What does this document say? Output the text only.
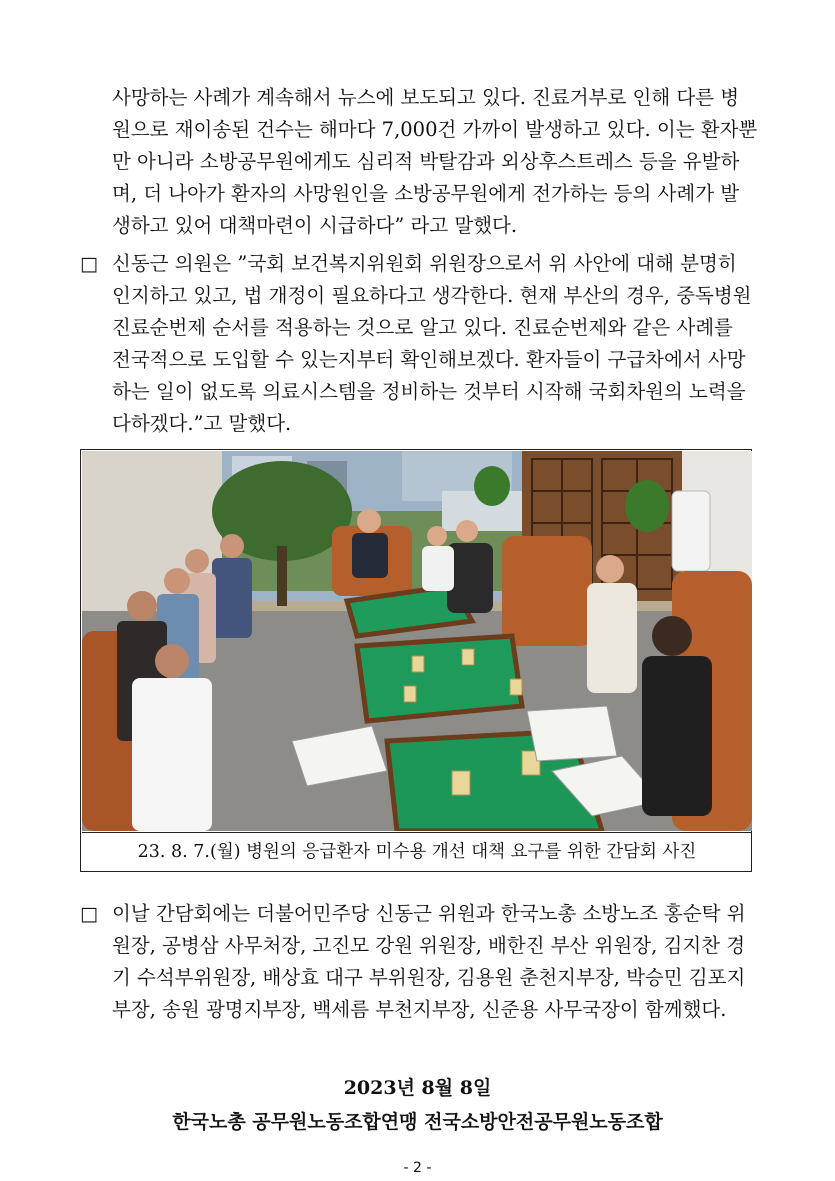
사망하는 사례가 계속해서 뉴스에 보도되고 있다. 진료거부로 인해 다른 병
원으로 재이송된 건수는 해마다 7,000건 가까이 발생하고 있다. 이는 환자뿐
만 아니라 소방공무원에게도 심리적 박탈감과 외상후스트레스 등을 유발하
며, 더 나아가 환자의 사망원인을 소방공무원에게 전가하는 등의 사례가 발
생하고 있어 대책마련이 시급하다” 라고 말했다.
□ 신동근 의원은 ”국회 보건복지위원회 위원장으로서 위 사안에 대해 분명히
인지하고 있고, 법 개정이 필요하다고 생각한다. 현재 부산의 경우, 중독병원
진료순번제 순서를 적용하는 것으로 알고 있다. 진료순번제와 같은 사례를
전국적으로 도입할 수 있는지부터 확인해보겠다. 환자들이 구급차에서 사망
하는 일이 없도록 의료시스템을 정비하는 것부터 시작해 국회차원의 노력을
다하겠다.”고 말했다.
23. 8. 7.(월) 병원의 응급환자 미수용 개선 대책 요구를 위한 간담회 사진
□ 이날 간담회에는 더불어민주당 신동근 위원과 한국노총 소방노조 홍순탁 위
원장, 공병삼 사무처장, 고진모 강원 위원장, 배한진 부산 위원장, 김지찬 경
기 수석부위원장, 배상효 대구 부위원장, 김용원 춘천지부장, 박승민 김포지
부장, 송원 광명지부장, 백세름 부천지부장, 신준용 사무국장이 함께했다.
2023년 8월 8일
한국노총 공무원노동조합연맹 전국소방안전공무원노동조합
- 2 -
